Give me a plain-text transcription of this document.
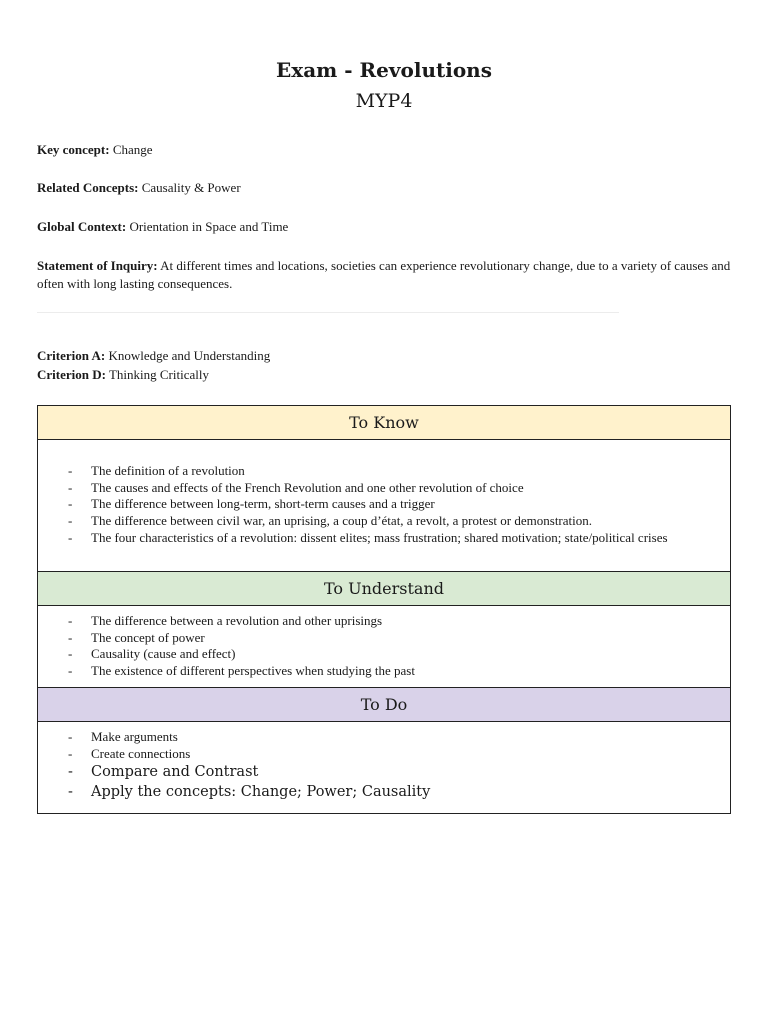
Exam - Revolutions
MYP4
Key concept: Change
Related Concepts: Causality & Power
Global Context: Orientation in Space and Time
Statement of Inquiry: At different times and locations, societies can experience revolutionary change, due to a variety of causes and often with long lasting consequences.
Criterion A: Knowledge and Understanding
Criterion D: Thinking Critically
To Know
- The definition of a revolution
- The causes and effects of the French Revolution and one other revolution of choice
- The difference between long-term, short-term causes and a trigger
- The difference between civil war, an uprising, a coup d’état, a revolt, a protest or demonstration.
- The four characteristics of a revolution: dissent elites; mass frustration; shared motivation; state/political crises
To Understand
- The difference between a revolution and other uprisings
- The concept of power
- Causality (cause and effect)
- The existence of different perspectives when studying the past
To Do
- Make arguments
- Create connections
- Compare and Contrast
- Apply the concepts: Change; Power; Causality
